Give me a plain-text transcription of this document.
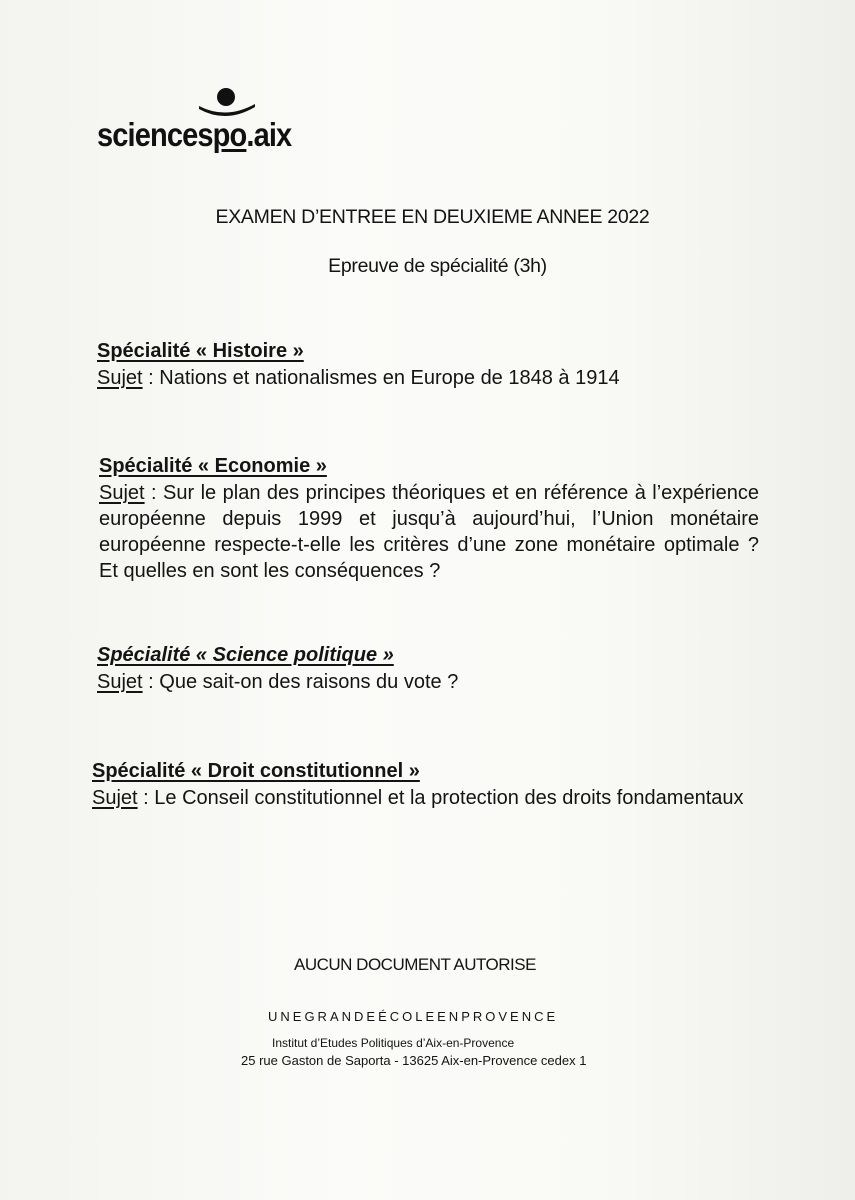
sciencespo.aix
EXAMEN D’ENTREE EN DEUXIEME ANNEE 2022
Epreuve de spécialité (3h)
Spécialité « Histoire »
Sujet : Nations et nationalismes en Europe de 1848 à 1914
Spécialité « Economie »
Sujet : Sur le plan des principes théoriques et en référence à l’expérience européenne depuis 1999 et jusqu’à aujourd’hui, l’Union monétaire européenne respecte-t-elle les critères d’une zone monétaire optimale ? Et quelles en sont les conséquences ?
Spécialité « Science politique »
Sujet : Que sait-on des raisons du vote ?
Spécialité « Droit constitutionnel »
Sujet : Le Conseil constitutionnel et la protection des droits fondamentaux
AUCUN DOCUMENT AUTORISE
UNEGRANDEÉCOLEENPROVENCE
Institut d’Etudes Politiques d’Aix-en-Provence
25 rue Gaston de Saporta - 13625 Aix-en-Provence cedex 1
